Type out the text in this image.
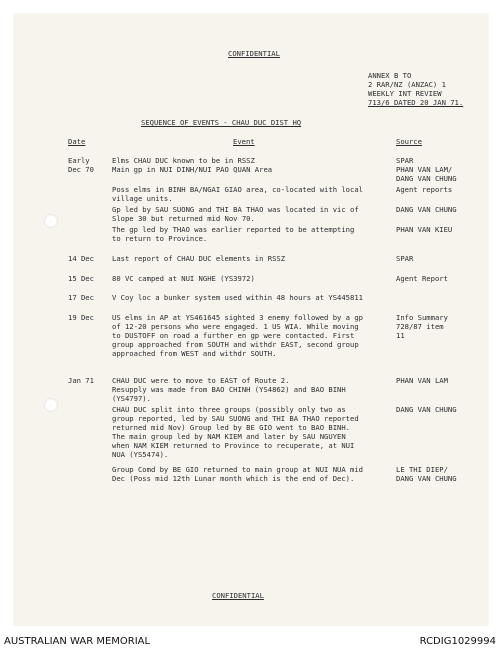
CONFIDENTIAL
ANNEX B TO
2 RAR/NZ (ANZAC) 1
WEEKLY INT REVIEW
713/6 DATED 20 JAN 71.
SEQUENCE OF EVENTS - CHAU DUC DIST HQ
Date	Event	Source
Early	Elms CHAU DUC known to be in RSSZ	SPAR
Dec 70	Main gp in NUI DINH/NUI PAO QUAN Area	PHAN VAN LAM/
DANG VAN CHUNG
Poss elms in BINH BA/NGAI GIAO area, co-located with local	Agent reports
village units.
Gp led by SAU SUONG and THI BA THAO was located in vic of	DANG VAN CHUNG
Slope 30 but returned mid Nov 70.
The gp led by THAO was earlier reported to be attempting	PHAN VAN KIEU
to return to Province.
14 Dec	Last report of CHAU DUC elements in RSSZ	SPAR
15 Dec	80 VC camped at NUI NGHE (YS3972)	Agent Report
17 Dec	V Coy loc a bunker system used within 48 hours at YS445811
19 Dec	US elms in AP at YS461645 sighted 3 enemy followed by a gp	Info Summary
of 12-20 persons who were engaged. 1 US WIA. While moving	728/87 item
to DUSTOFF on road a further en gp were contacted. First	11
group approached from SOUTH and withdr EAST, second group
approached from WEST and withdr SOUTH.
Jan 71	CHAU DUC were to move to EAST of Route 2.	PHAN VAN LAM
Resupply was made from BAO CHINH (YS4862) and BAO BINH
(YS4797).
CHAU DUC split into three groups (possibly only two as	DANG VAN CHUNG
group reported, led by SAU SUONG and THI BA THAO reported
returned mid Nov) Group led by BE GIO went to BAO BINH.
The main group led by NAM KIEM and later by SAU NGUYEN
when NAM KIEM returned to Province to recuperate, at NUI
NUA (YS5474).
Group Comd by BE GIO returned to main group at NUI NUA mid	LE THI DIEP/
Dec (Poss mid 12th Lunar month which is the end of Dec).	DANG VAN CHUNG
CONFIDENTIAL
AUSTRALIAN WAR MEMORIAL	RCDIG1029994
